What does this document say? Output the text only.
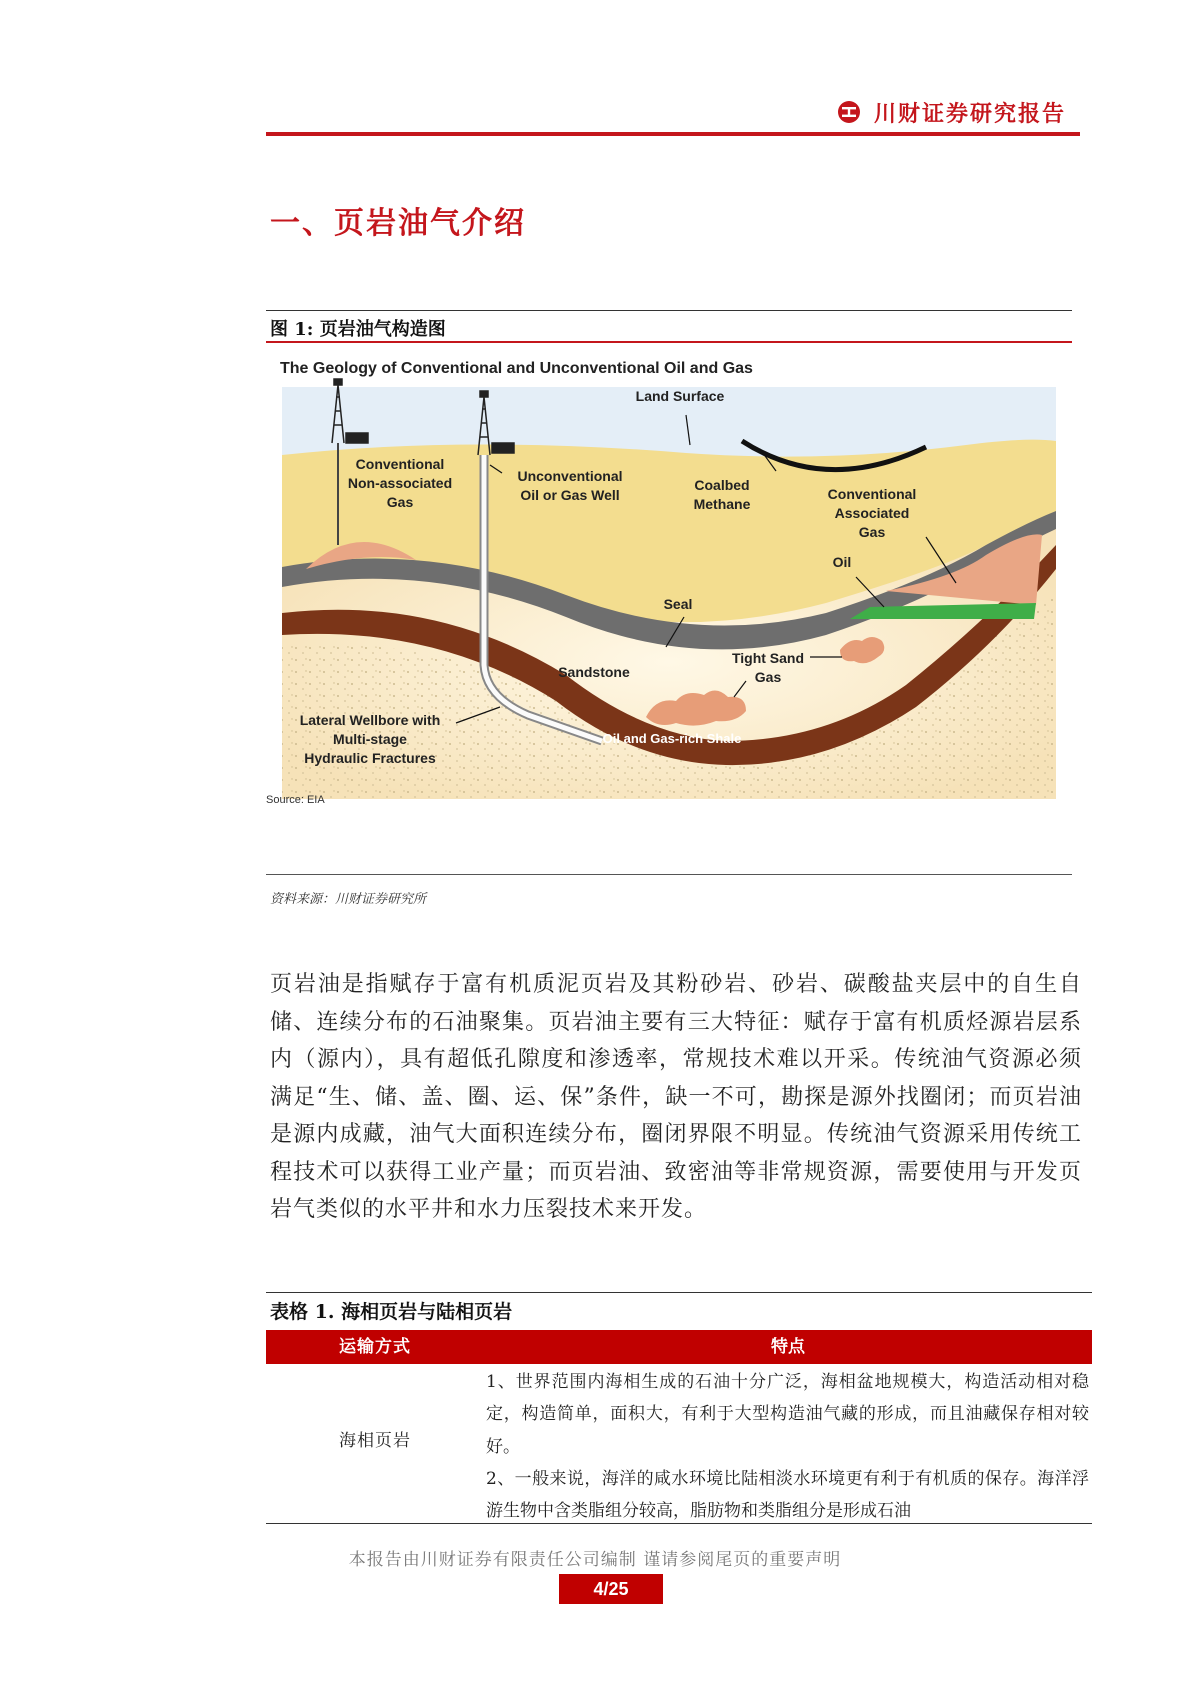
川财证券研究报告
一、页岩油气介绍
图 1: 页岩油气构造图
The Geology of Conventional and Unconventional Oil and Gas
Land Surface
Conventional
Non-associated
Gas
Unconventional
Oil or Gas Well
Coalbed
Methane
Conventional
Associated
Gas
Oil
Seal
Sandstone
Tight Sand
Gas
Lateral Wellbore with
Multi-stage
Hydraulic Fractures
Oil and Gas-rich Shale
Source: EIA
资料来源：川财证券研究所
页岩油是指赋存于富有机质泥页岩及其粉砂岩、砂岩、碳酸盐夹层中的自生自储、连续分布的石油聚集。页岩油主要有三大特征：赋存于富有机质烃源岩层系内（源内），具有超低孔隙度和渗透率，常规技术难以开采。传统油气资源必须满足“生、储、盖、圈、运、保”条件，缺一不可，勘探是源外找圈闭；而页岩油是源内成藏，油气大面积连续分布，圈闭界限不明显。传统油气资源采用传统工程技术可以获得工业产量；而页岩油、致密油等非常规资源，需要使用与开发页岩气类似的水平井和水力压裂技术来开发。
表格 1. 海相页岩与陆相页岩
运输方式	特点
海相页岩

1、世界范围内海相生成的石油十分广泛，海相盆地规模大，构造活动相对稳定，构造简单，面积大，有利于大型构造油气藏的形成，而且油藏保存相对较好。

2、一般来说，海洋的咸水环境比陆相淡水环境更有利于有机质的保存。海洋浮游生物中含类脂组分较高，脂肪物和类脂组分是形成石油

本报告由川财证券有限责任公司编制 谨请参阅尾页的重要声明
4/25
